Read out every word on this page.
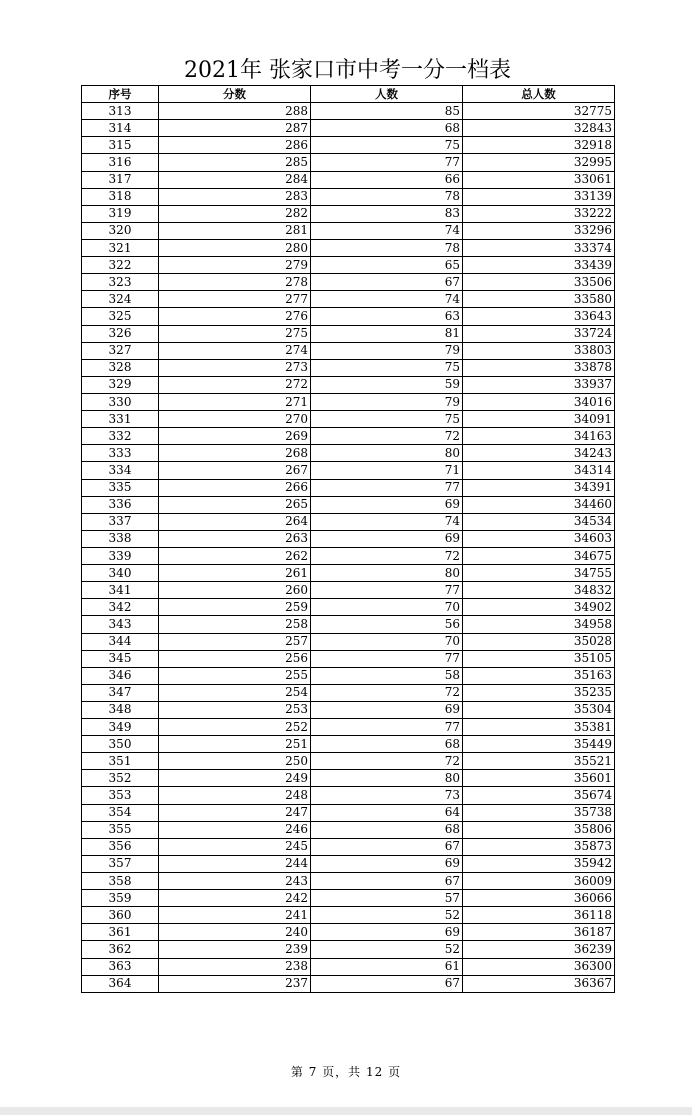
2021年 张家口市中考一分一档表
序号	分数	人数	总人数
313	288	85	32775
314	287	68	32843
315	286	75	32918
316	285	77	32995
317	284	66	33061
318	283	78	33139
319	282	83	33222
320	281	74	33296
321	280	78	33374
322	279	65	33439
323	278	67	33506
324	277	74	33580
325	276	63	33643
326	275	81	33724
327	274	79	33803
328	273	75	33878
329	272	59	33937
330	271	79	34016
331	270	75	34091
332	269	72	34163
333	268	80	34243
334	267	71	34314
335	266	77	34391
336	265	69	34460
337	264	74	34534
338	263	69	34603
339	262	72	34675
340	261	80	34755
341	260	77	34832
342	259	70	34902
343	258	56	34958
344	257	70	35028
345	256	77	35105
346	255	58	35163
347	254	72	35235
348	253	69	35304
349	252	77	35381
350	251	68	35449
351	250	72	35521
352	249	80	35601
353	248	73	35674
354	247	64	35738
355	246	68	35806
356	245	67	35873
357	244	69	35942
358	243	67	36009
359	242	57	36066
360	241	52	36118
361	240	69	36187
362	239	52	36239
363	238	61	36300
364	237	67	36367
第 7 页，共 12 页
